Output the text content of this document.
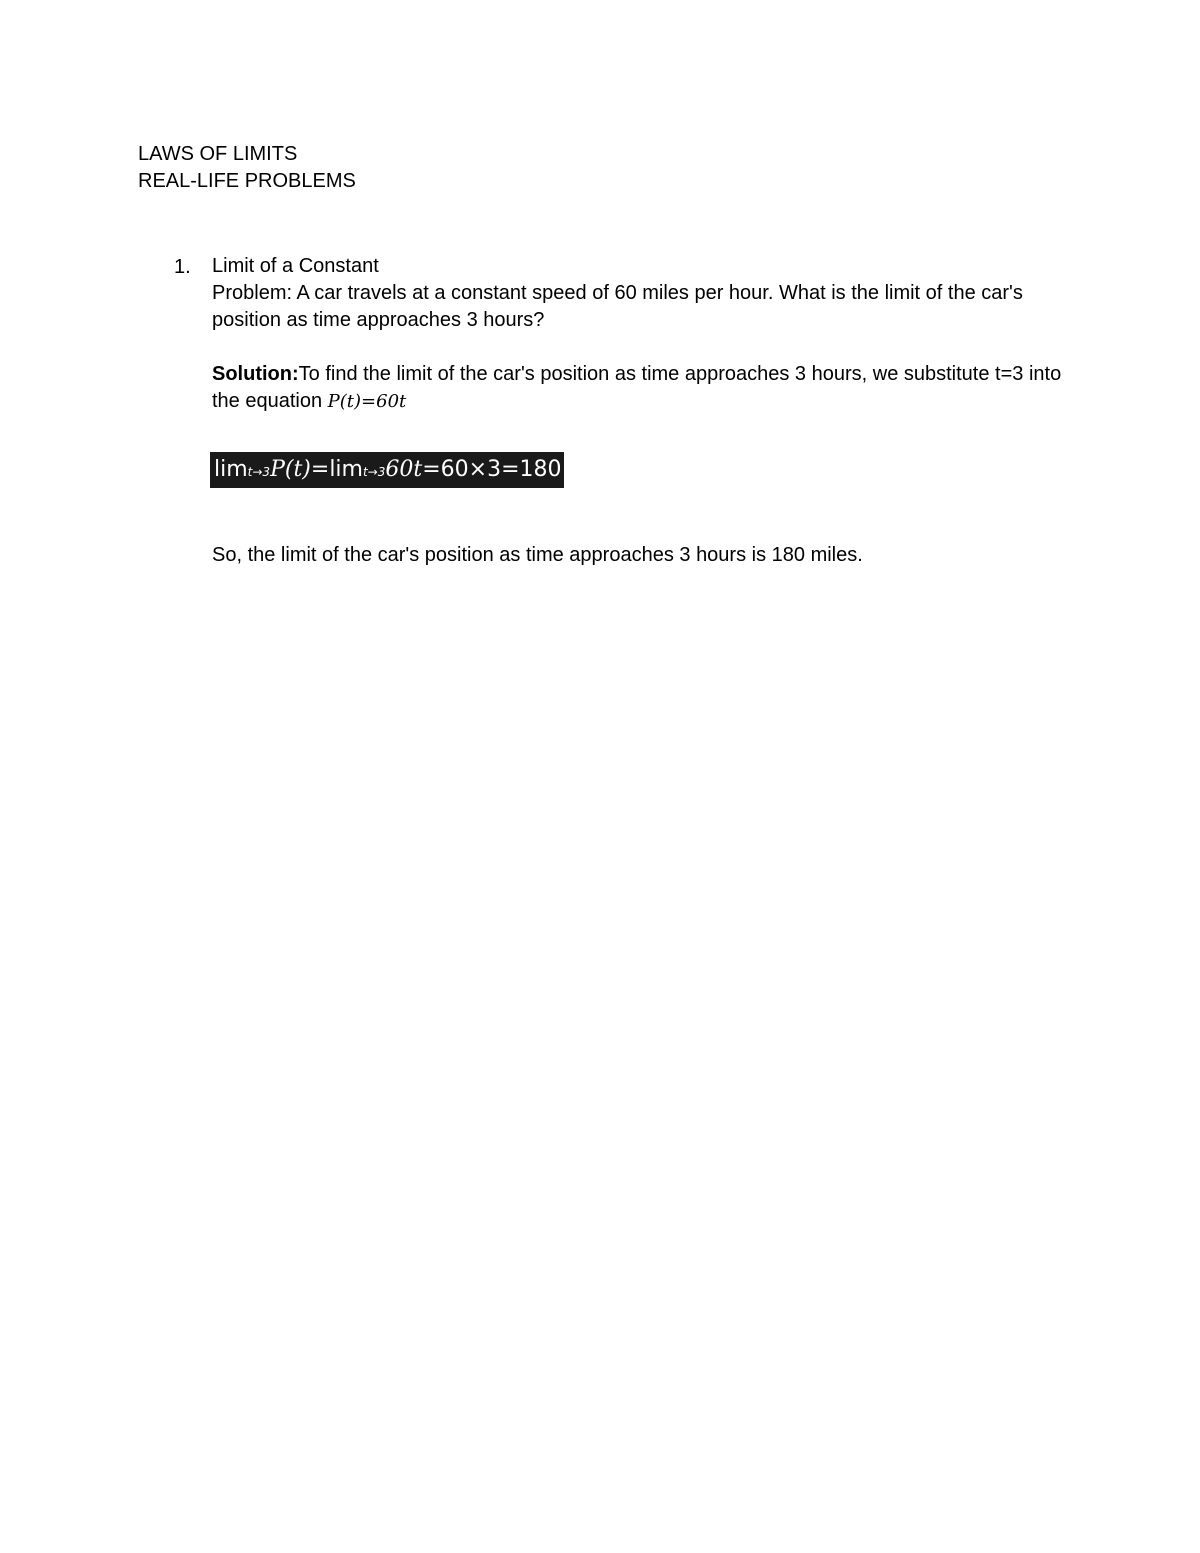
LAWS OF LIMITS
REAL-LIFE PROBLEMS
1. Limit of a Constant

Problem: A car travels at a constant speed of 60 miles per hour. What is the limit of the car's position as time approaches 3 hours?

Solution:To find the limit of the car's position as time approaches 3 hours, we substitute t=3 into the equation P(t)=60t

limt→3P(t)=limt→360t=60×3=180
So, the limit of the car's position as time approaches 3 hours is 180 miles.
